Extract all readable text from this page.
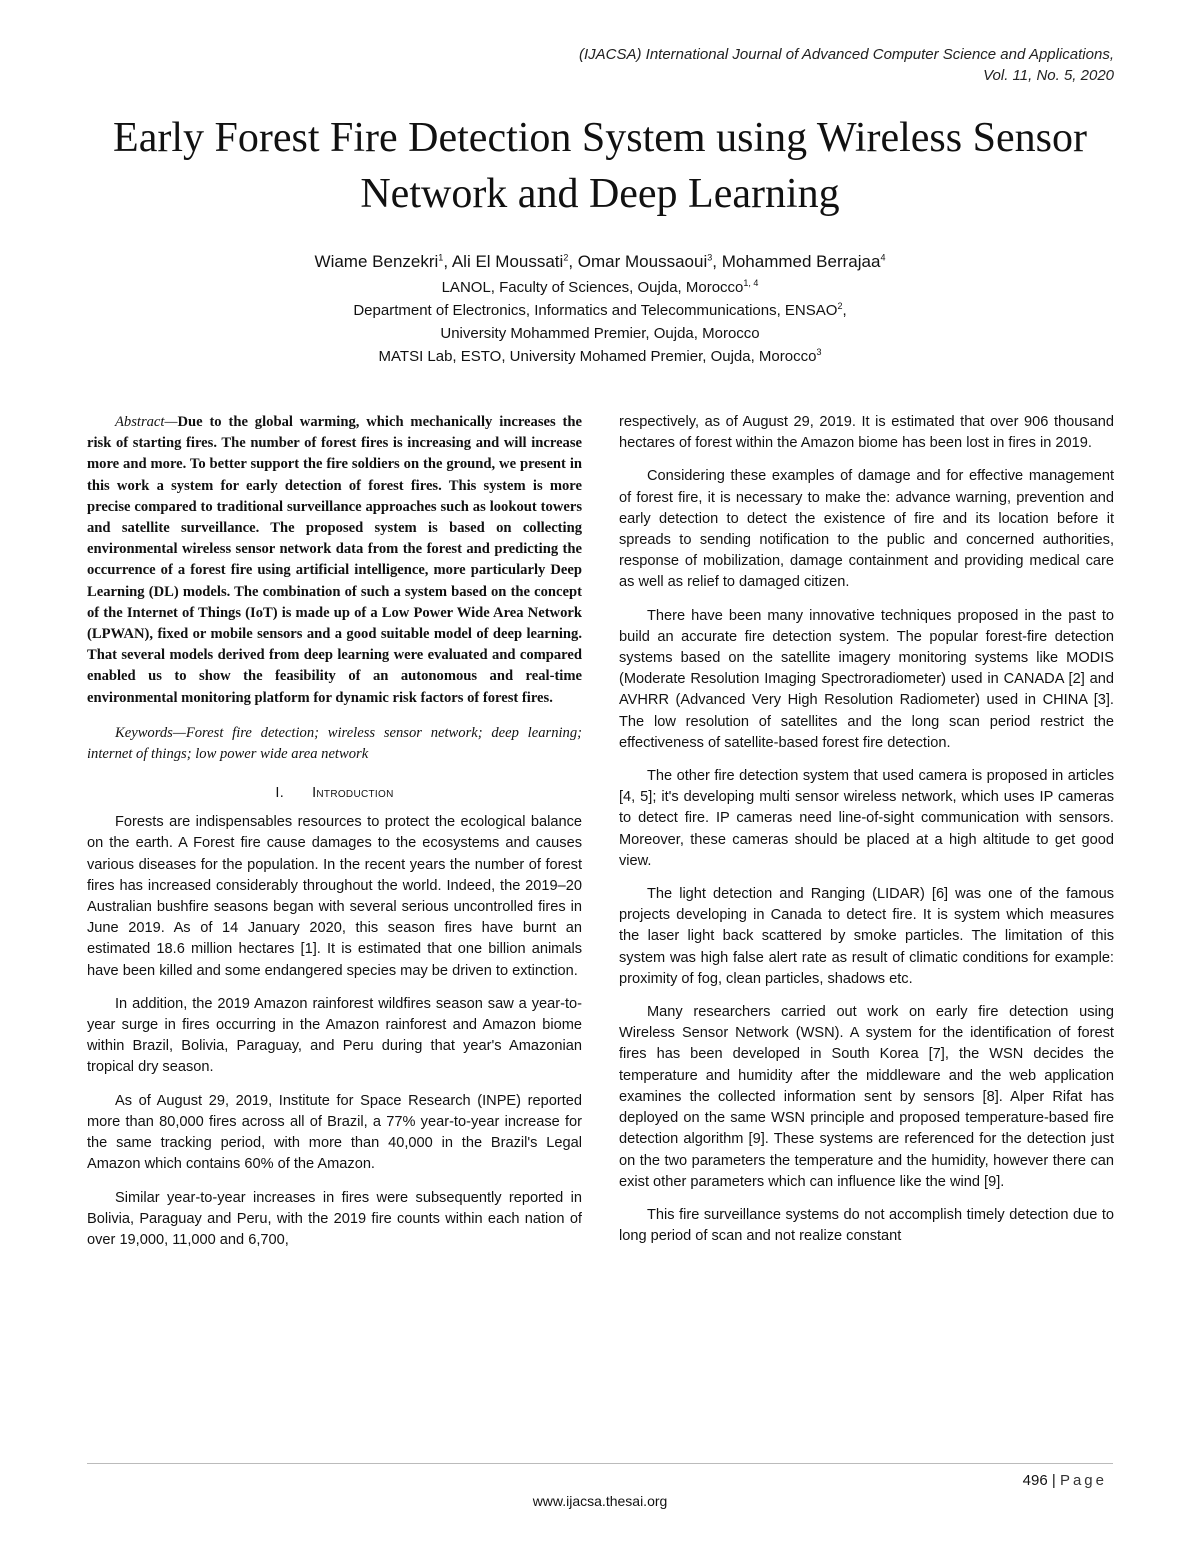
(IJACSA) International Journal of Advanced Computer Science and Applications,
Vol. 11, No. 5, 2020
Early Forest Fire Detection System using Wireless Sensor Network and Deep Learning

Wiame Benzekri$^1$, Ali El Moussati$^2$, Omar Moussaoui$^3$, Mohammed Berrajaa$^4$

LANOL, Faculty of Sciences, Oujda, Morocco$^{1, 4}$

Department of Electronics, Informatics and Telecommunications, ENSAO$^2$,

University Mohammed Premier, Oujda, Morocco

MATSI Lab, ESTO, University Mohamed Premier, Oujda, Morocco$^3$

Abstract—Due to the global warming, which mechanically increases the risk of starting fires. The number of forest fires is increasing and will increase more and more. To better support the fire soldiers on the ground, we present in this work a system for early detection of forest fires. This system is more precise compared to traditional surveillance approaches such as lookout towers and satellite surveillance. The proposed system is based on collecting environmental wireless sensor network data from the forest and predicting the occurrence of a forest fire using artificial intelligence, more particularly Deep Learning (DL) models. The combination of such a system based on the concept of the Internet of Things (IoT) is made up of a Low Power Wide Area Network (LPWAN), fixed or mobile sensors and a good suitable model of deep learning. That several models derived from deep learning were evaluated and compared enabled us to show the feasibility of an autonomous and real-time environmental monitoring platform for dynamic risk factors of forest fires.

Keywords—Forest fire detection; wireless sensor network; deep learning; internet of things; low power wide area network

I. Introduction

Forests are indispensables resources to protect the ecological balance on the earth. A Forest fire cause damages to the ecosystems and causes various diseases for the population. In the recent years the number of forest fires has increased considerably throughout the world. Indeed, the 2019–20 Australian bushfire seasons began with several serious uncontrolled fires in June 2019. As of 14 January 2020, this season fires have burnt an estimated 18.6 million hectares [1]. It is estimated that one billion animals have been killed and some endangered species may be driven to extinction.

In addition, the 2019 Amazon rainforest wildfires season saw a year-to-year surge in fires occurring in the Amazon rainforest and Amazon biome within Brazil, Bolivia, Paraguay, and Peru during that year's Amazonian tropical dry season.

As of August 29, 2019, Institute for Space Research (INPE) reported more than 80,000 fires across all of Brazil, a 77% year-to-year increase for the same tracking period, with more than 40,000 in the Brazil's Legal Amazon which contains 60% of the Amazon.

Similar year-to-year increases in fires were subsequently reported in Bolivia, Paraguay and Peru, with the 2019 fire counts within each nation of over 19,000, 11,000 and 6,700,

respectively, as of August 29, 2019. It is estimated that over 906 thousand hectares of forest within the Amazon biome has been lost in fires in 2019.

Considering these examples of damage and for effective management of forest fire, it is necessary to make the: advance warning, prevention and early detection to detect the existence of fire and its location before it spreads to sending notification to the public and concerned authorities, response of mobilization, damage containment and providing medical care as well as relief to damaged citizen.

There have been many innovative techniques proposed in the past to build an accurate fire detection system. The popular forest-fire detection systems based on the satellite imagery monitoring systems like MODIS (Moderate Resolution Imaging Spectroradiometer) used in CANADA [2] and AVHRR (Advanced Very High Resolution Radiometer) used in CHINA [3]. The low resolution of satellites and the long scan period restrict the effectiveness of satellite-based forest fire detection.

The other fire detection system that used camera is proposed in articles [4, 5]; it's developing multi sensor wireless network, which uses IP cameras to detect fire. IP cameras need line-of-sight communication with sensors. Moreover, these cameras should be placed at a high altitude to get good view.

The light detection and Ranging (LIDAR) [6] was one of the famous projects developing in Canada to detect fire. It is system which measures the laser light back scattered by smoke particles. The limitation of this system was high false alert rate as result of climatic conditions for example: proximity of fog, clean particles, shadows etc.

Many researchers carried out work on early fire detection using Wireless Sensor Network (WSN). A system for the identification of forest fires has been developed in South Korea [7], the WSN decides the temperature and humidity after the middleware and the web application examines the collected information sent by sensors [8]. Alper Rifat has deployed on the same WSN principle and proposed temperature-based fire detection algorithm [9]. These systems are referenced for the detection just on the two parameters the temperature and the humidity, however there can exist other parameters which can influence like the wind [9].

This fire surveillance systems do not accomplish timely detection due to long period of scan and not realize constant

496 | Page
www.ijacsa.thesai.org
